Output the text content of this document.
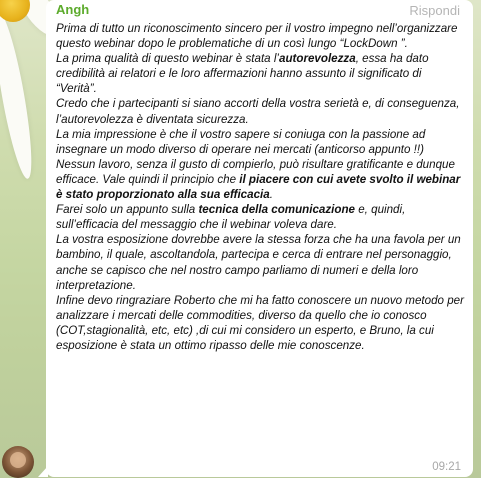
Angh	Rispondi

Prima di tutto un riconoscimento sincero per il vostro impegno nell’organizzare questo webinar dopo le problematiche di un così lungo “LockDown ”.

La prima qualità di questo webinar è stata l’autorevolezza, essa ha dato credibilità ai relatori e le loro affermazioni hanno assunto il significato di “Verità”.

Credo che i partecipanti si siano accorti della vostra serietà e, di conseguenza, l’autorevolezza è diventata sicurezza.

La mia impressione è che il vostro sapere si coniuga con la passione ad insegnare un modo diverso di operare nei mercati (anticorso appunto !!)

Nessun lavoro, senza il gusto di compierlo, può risultare gratificante e dunque efficace. Vale quindi il principio che il piacere con cui avete svolto il webinar è stato proporzionato alla sua efficacia.

Farei solo un appunto sulla tecnica della comunicazione e, quindi, sull’efficacia del messaggio che il webinar voleva dare.

La vostra esposizione dovrebbe avere la stessa forza che ha una favola per un bambino, il quale, ascoltandola, partecipa e cerca di entrare nel personaggio, anche se capisco che nel nostro campo parliamo di numeri e della loro interpretazione.

Infine devo ringraziare Roberto che mi ha fatto conoscere un nuovo metodo per analizzare i mercati delle commodities, diverso da quello che io conosco (COT,stagionalità, etc, etc) ,di cui mi considero un esperto, e Bruno, la cui esposizione è stata un ottimo ripasso delle mie conoscenze.

09:21
